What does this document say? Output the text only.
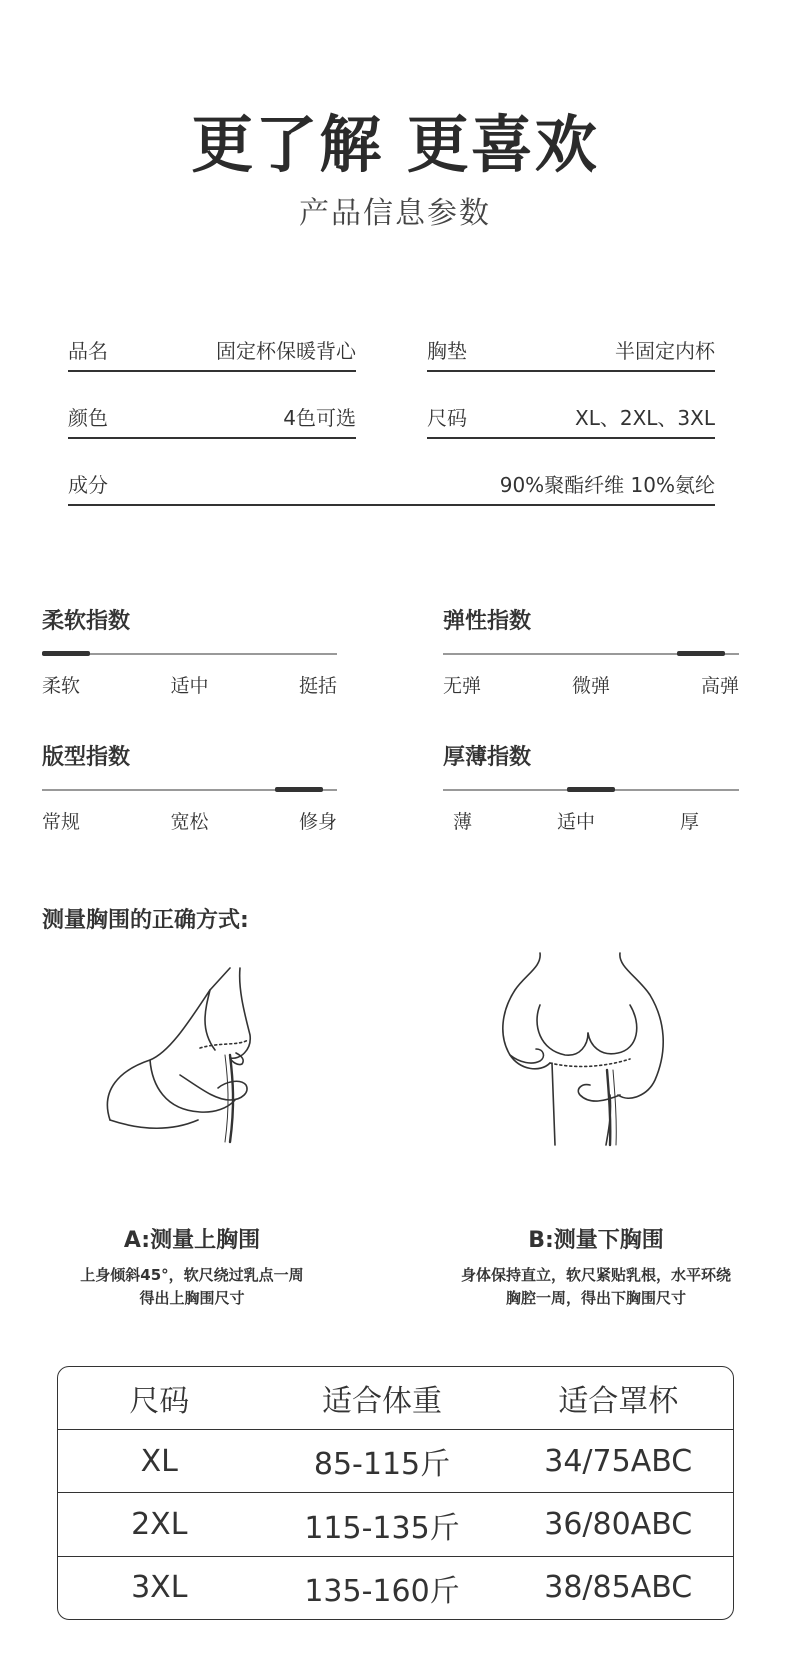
更了解 更喜欢
产品信息参数
品名	固定杯保暖背心	胸垫	半固定内杯
颜色	4色可选	尺码	XL、2XL、3XL
成分	90%聚酯纤维 10%氨纶
柔软指数
柔软	适中	挺括
弹性指数
无弹	微弹	高弹
版型指数
常规	宽松	修身
厚薄指数
薄	适中	厚
测量胸围的正确方式:
A:测量上胸围
上身倾斜45°，软尺绕过乳点一周
得出上胸围尺寸
B:测量下胸围
身体保持直立，软尺紧贴乳根，水平环绕
胸腔一周，得出下胸围尺寸
尺码	适合体重	适合罩杯
XL	85-115斤	34/75ABC
2XL	115-135斤	36/80ABC
3XL	135-160斤	38/85ABC
